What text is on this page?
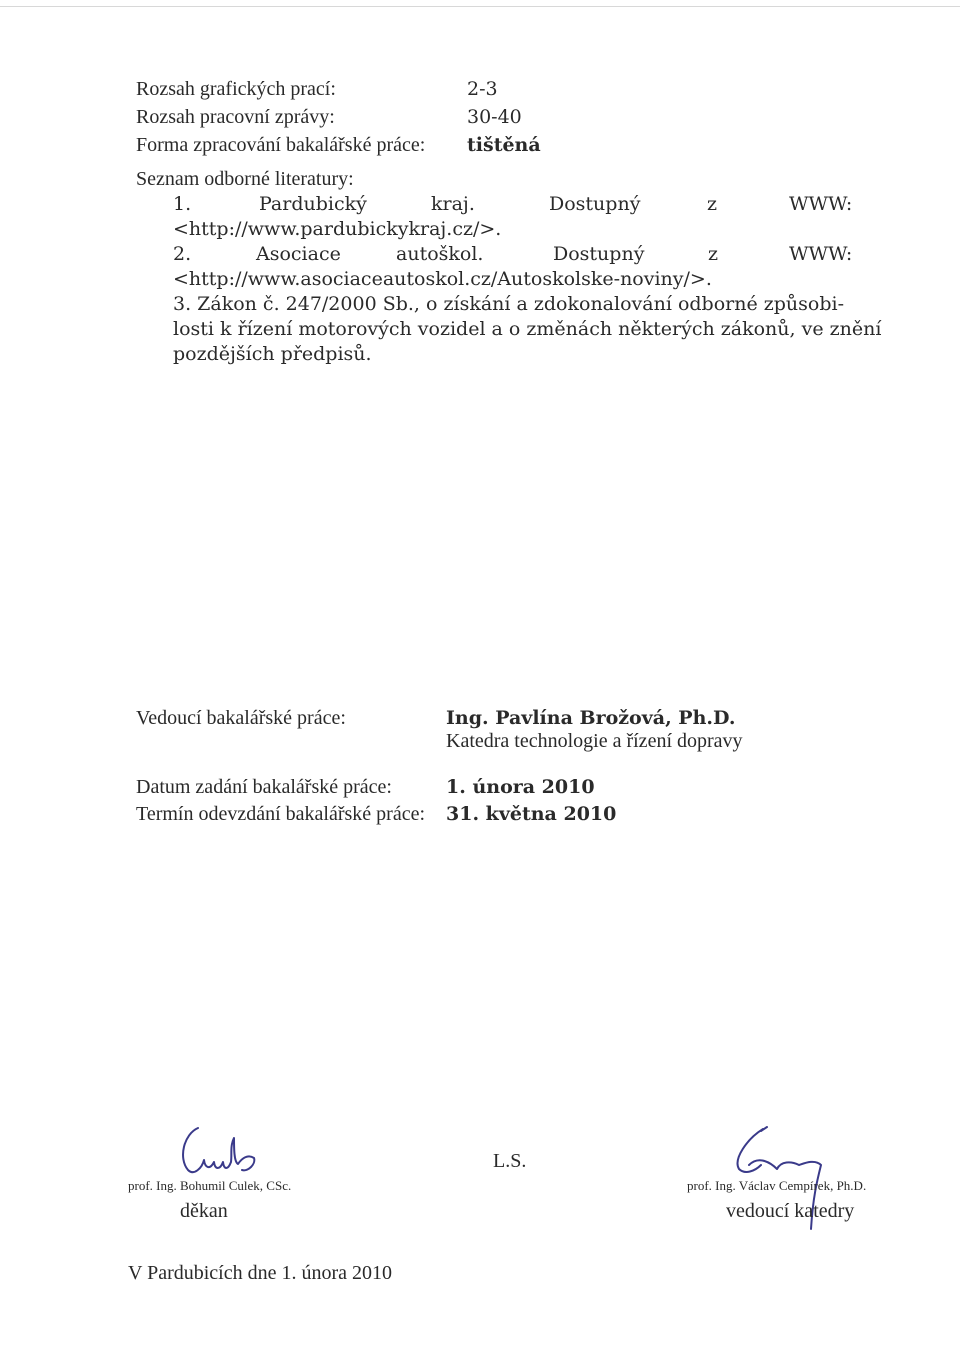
Rozsah grafických prací:	2-3
Rozsah pracovní zprávy:	30-40
Forma zpracování bakalářské práce: tištěná
Seznam odborné literatury:
1.	Pardubický	kraj.	Dostupný	z	WWW:
<http://www.pardubickykraj.cz/>.
2.	Asociace	autoškol.	Dostupný	z	WWW:
<http://www.asociaceautoskol.cz/Autoskolske-noviny/>.
3. Zákon č. 247/2000 Sb., o získání a zdokonalování odborné způsobi-
losti k řízení motorových vozidel a o změnách některých zákonů, ve znění
pozdějších předpisů.
Vedoucí bakalářské práce:	Ing. Pavlína Brožová, Ph.D.
Katedra technologie a řízení dopravy
Datum zadání bakalářské práce:	1. února 2010
Termín odevzdání bakalářské práce: 31. května 2010
prof. Ing. Bohumil Culek, CSc.
děkan
L.S.
prof. Ing. Václav Cempírek, Ph.D.
vedoucí katedry
V Pardubicích dne 1. února 2010
